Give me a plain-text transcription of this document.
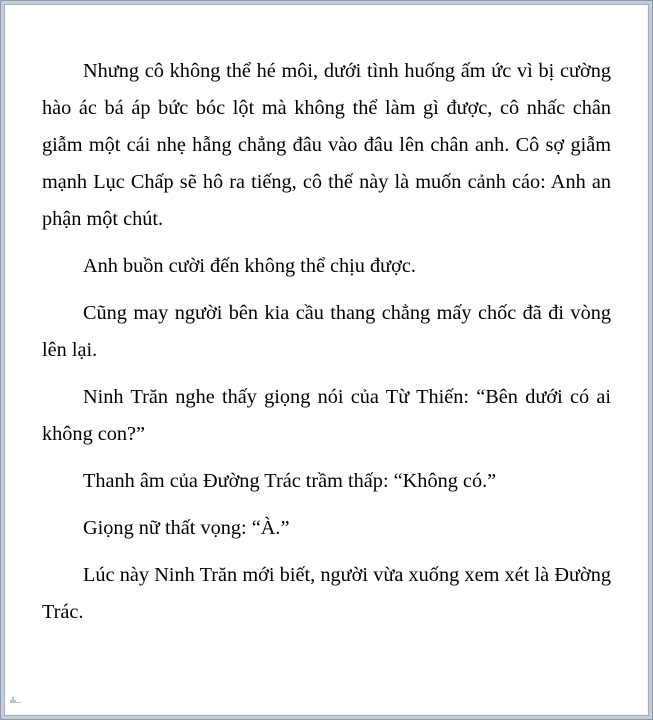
Nhưng cô không thể hé môi, dưới tình huống ấm ức vì bị cường hào ác bá áp bức bóc lột mà không thể làm gì được, cô nhấc chân giẫm một cái nhẹ hẫng chẳng đâu vào đâu lên chân anh. Cô sợ giẫm mạnh Lục Chấp sẽ hô ra tiếng, cô thế này là muốn cảnh cáo: Anh an phận một chút.

Anh buồn cười đến không thể chịu được.

Cũng may người bên kia cầu thang chẳng mấy chốc đã đi vòng lên lại.

Ninh Trăn nghe thấy giọng nói của Từ Thiến: “Bên dưới có ai không con?”

Thanh âm của Đường Trác trầm thấp: “Không có.”

Giọng nữ thất vọng: “À.”

Lúc này Ninh Trăn mới biết, người vừa xuống xem xét là Đường Trác.
